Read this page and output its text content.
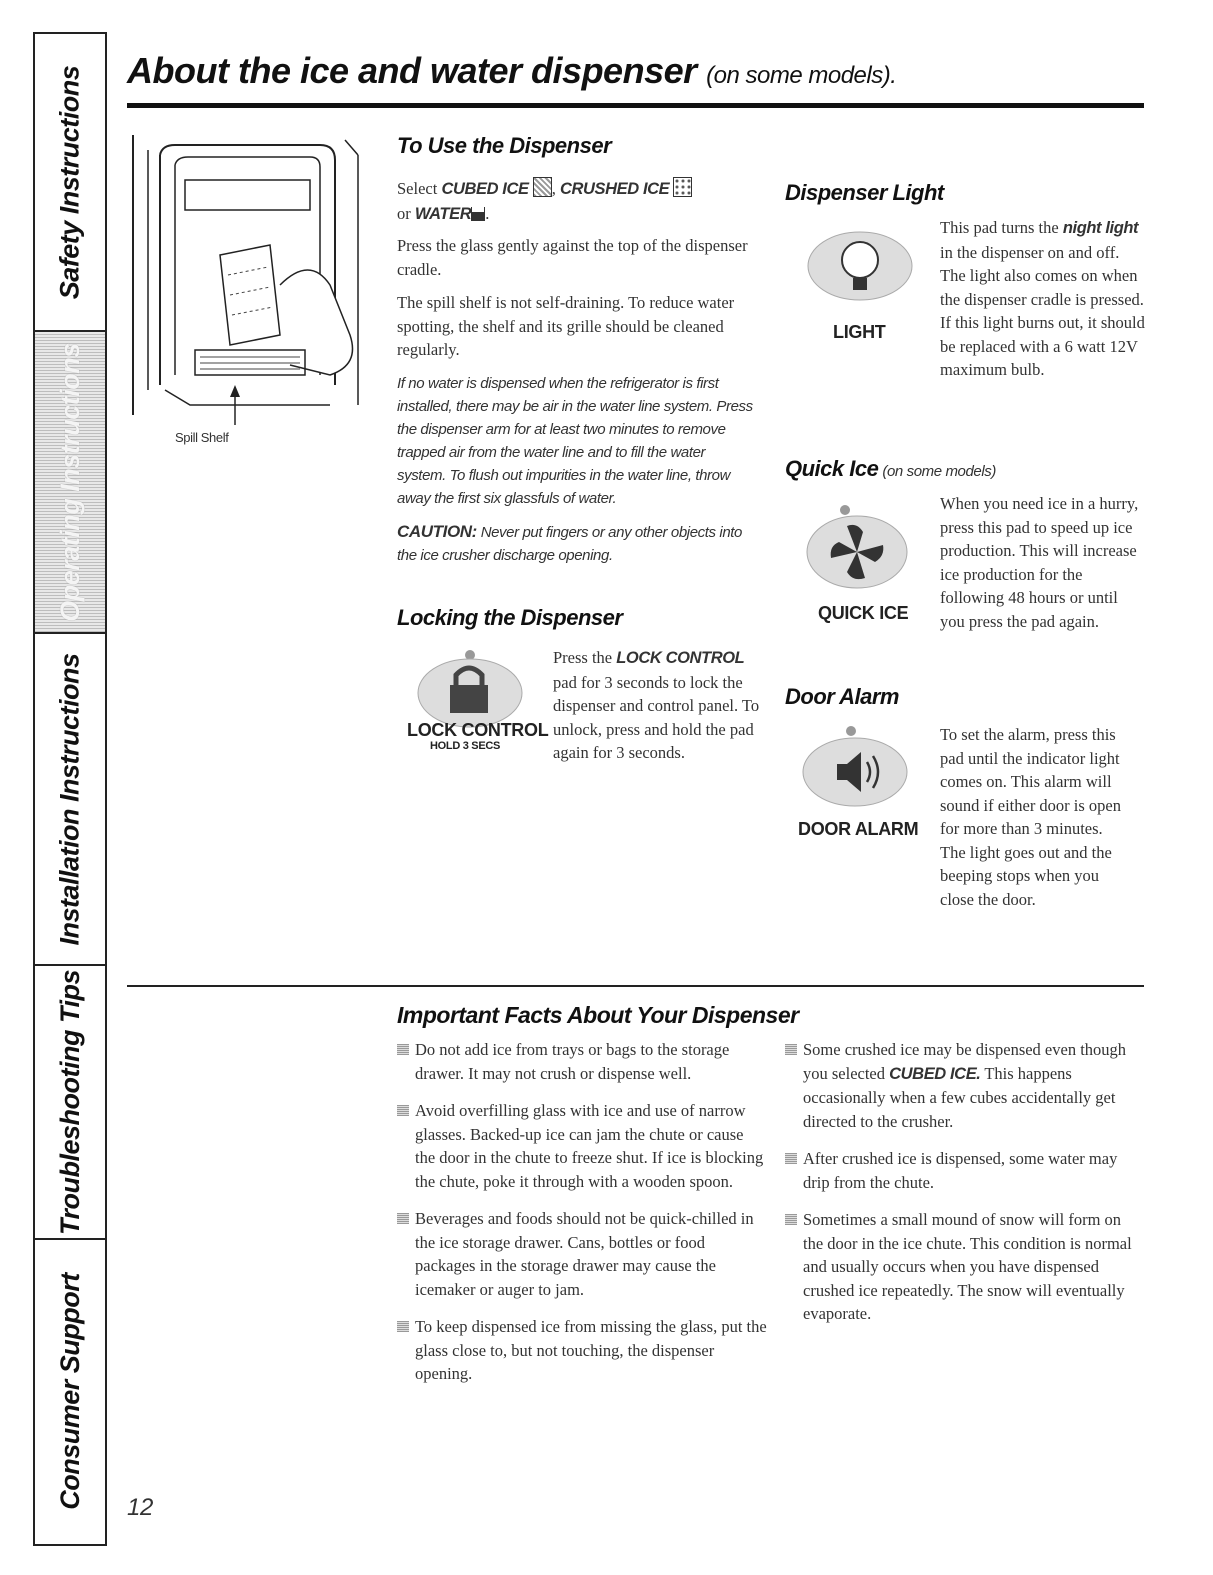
Safety Instructions
Operating Instructions
Installation Instructions
Troubleshooting Tips
Consumer Support
About the ice and water dispenser (on some models).
Spill Shelf
To Use the Dispenser

Select CUBED ICE , CRUSHED ICE
or WATER .

Press the glass gently against the top of the dispenser cradle.

The spill shelf is not self-draining. To reduce water spotting, the shelf and its grille should be cleaned regularly.

If no water is dispensed when the refrigerator is first installed, there may be air in the water line system. Press the dispenser arm for at least two minutes to remove trapped air from the water line and to fill the water system. To flush out impurities in the water line, throw away the first six glassfuls of water.

CAUTION: Never put fingers or any other objects into the ice crusher discharge opening.

Locking the Dispenser
LOCK CONTROL
HOLD 3 SECS

Press the LOCK CONTROL pad for 3 seconds to lock the dispenser and control panel. To unlock, press and hold the pad again for 3 seconds.

Dispenser Light
LIGHT

This pad turns the night light in the dispenser on and off. The light also comes on when the dispenser cradle is pressed. If this light burns out, it should be replaced with a 6 watt 12V maximum bulb.

Quick Ice (on some models)
QUICK ICE

When you need ice in a hurry, press this pad to speed up ice production. This will increase ice production for the following 48 hours or until you press the pad again.

Door Alarm
DOOR ALARM

To set the alarm, press this pad until the indicator light comes on. This alarm will sound if either door is open for more than 3 minutes. The light goes out and the beeping stops when you close the door.

Important Facts About Your Dispenser

Do not add ice from trays or bags to the storage drawer. It may not crush or dispense well.

Avoid overfilling glass with ice and use of narrow glasses. Backed-up ice can jam the chute or cause the door in the chute to freeze shut. If ice is blocking the chute, poke it through with a wooden spoon.

Beverages and foods should not be quick-chilled in the ice storage drawer. Cans, bottles or food packages in the storage drawer may cause the icemaker or auger to jam.

To keep dispensed ice from missing the glass, put the glass close to, but not touching, the dispenser opening.

Some crushed ice may be dispensed even though you selected CUBED ICE. This happens occasionally when a few cubes accidentally get directed to the crusher.

After crushed ice is dispensed, some water may drip from the chute.

Sometimes a small mound of snow will form on the door in the ice chute. This condition is normal and usually occurs when you have dispensed crushed ice repeatedly. The snow will eventually evaporate.

12
